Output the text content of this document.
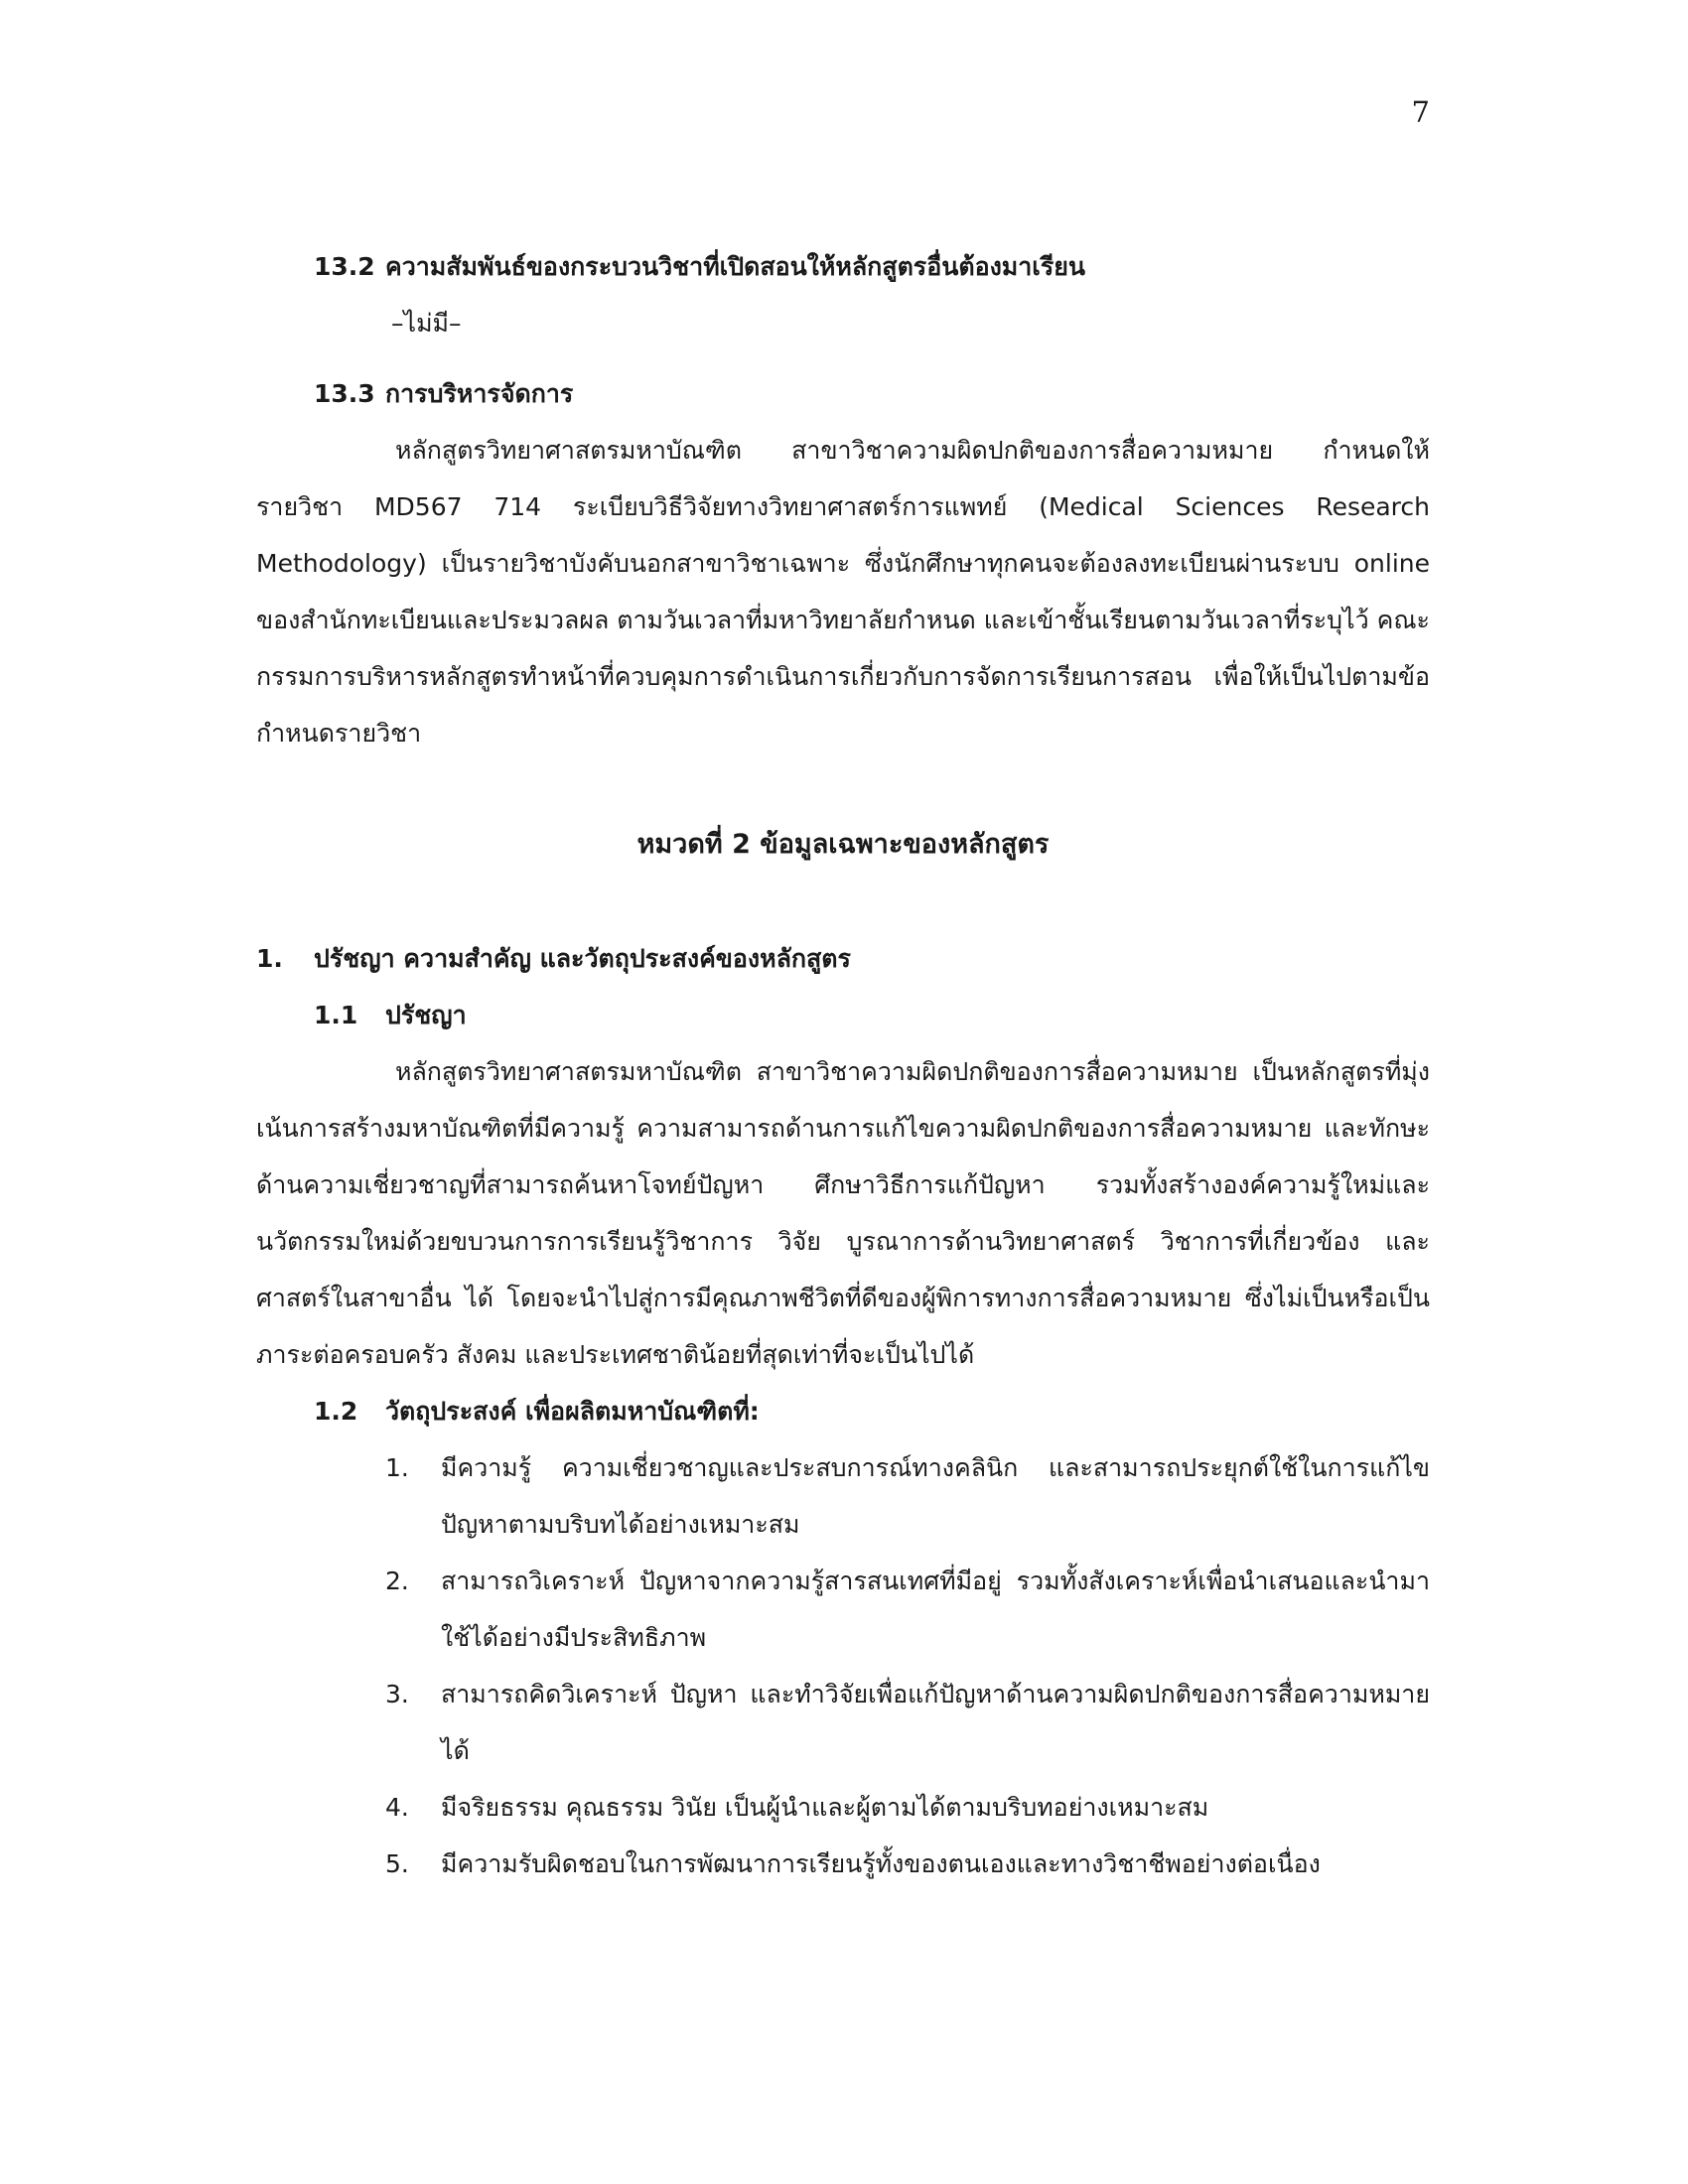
7

13.2 ความสัมพันธ์ของกระบวนวิชาที่เปิดสอนให้หลักสูตรอื่นต้องมาเรียน

–ไม่มี–

13.3 การบริหารจัดการ

หลักสูตรวิทยาศาสตรมหาบัณฑิต สาขาวิชาความผิดปกติของการสื่อความหมาย กำหนดให้รายวิชา MD567 714 ระเบียบวิธีวิจัยทางวิทยาศาสตร์การแพทย์ (Medical Sciences Research Methodology) เป็นรายวิชาบังคับนอกสาขาวิชาเฉพาะ ซึ่งนักศึกษาทุกคนจะต้องลงทะเบียนผ่านระบบ online ของสำนักทะเบียนและประมวลผล ตามวันเวลาที่มหาวิทยาลัยกำหนด และเข้าชั้นเรียนตามวันเวลาที่ระบุไว้ คณะกรรมการบริหารหลักสูตรทำหน้าที่ควบคุมการดำเนินการเกี่ยวกับการจัดการเรียนการสอน เพื่อให้เป็นไปตามข้อกำหนดรายวิชา

หมวดที่ 2 ข้อมูลเฉพาะของหลักสูตร

1. ปรัชญา ความสำคัญ และวัตถุประสงค์ของหลักสูตร

1.1 ปรัชญา

หลักสูตรวิทยาศาสตรมหาบัณฑิต สาขาวิชาความผิดปกติของการสื่อความหมาย เป็นหลักสูตรที่มุ่งเน้นการสร้างมหาบัณฑิตที่มีความรู้ ความสามารถด้านการแก้ไขความผิดปกติของการสื่อความหมาย และทักษะด้านความเชี่ยวชาญที่สามารถค้นหาโจทย์ปัญหา ศึกษาวิธีการแก้ปัญหา รวมทั้งสร้างองค์ความรู้ใหม่และนวัตกรรมใหม่ด้วยขบวนการการเรียนรู้วิชาการ วิจัย บูรณาการด้านวิทยาศาสตร์ วิชาการที่เกี่ยวข้อง และศาสตร์ในสาขาอื่น ได้ โดยจะนำไปสู่การมีคุณภาพชีวิตที่ดีของผู้พิการทางการสื่อความหมาย ซึ่งไม่เป็นหรือเป็นภาระต่อครอบครัว สังคม และประเทศชาติน้อยที่สุดเท่าที่จะเป็นไปได้

1.2 วัตถุประสงค์ เพื่อผลิตมหาบัณฑิตที่:

1. มีความรู้ ความเชี่ยวชาญและประสบการณ์ทางคลินิก และสามารถประยุกต์ใช้ในการแก้ไขปัญหาตามบริบทได้อย่างเหมาะสม
2. สามารถวิเคราะห์ ปัญหาจากความรู้สารสนเทศที่มีอยู่ รวมทั้งสังเคราะห์เพื่อนำเสนอและนำมาใช้ได้อย่างมีประสิทธิภาพ
3. สามารถคิดวิเคราะห์ ปัญหา และทำวิจัยเพื่อแก้ปัญหาด้านความผิดปกติของการสื่อความหมายได้
4. มีจริยธรรม คุณธรรม วินัย เป็นผู้นำและผู้ตามได้ตามบริบทอย่างเหมาะสม
5. มีความรับผิดชอบในการพัฒนาการเรียนรู้ทั้งของตนเองและทางวิชาชีพอย่างต่อเนื่อง
